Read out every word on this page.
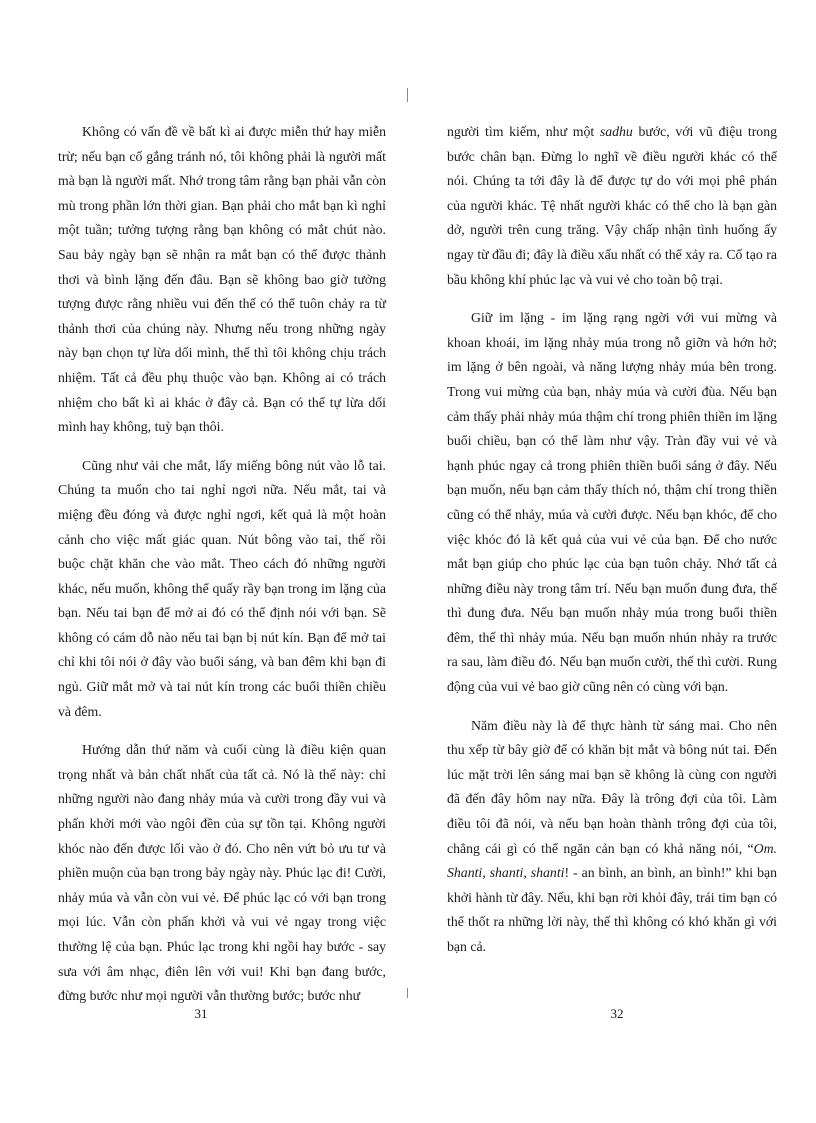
Không có vấn đề về bất kì ai được miễn thứ hay miễn trừ; nếu bạn cố gắng tránh nó, tôi không phải là người mất mà bạn là người mất. Nhớ trong tâm rằng bạn phải vẫn còn mù trong phần lớn thời gian. Bạn phải cho mắt bạn kì nghỉ một tuần; tưởng tượng rằng bạn không có mắt chút nào. Sau bảy ngày bạn sẽ nhận ra mắt bạn có thể được thảnh thơi và bình lặng đến đâu. Bạn sẽ không bao giờ tưởng tượng được rằng nhiều vui đến thế có thể tuôn chảy ra từ thảnh thơi của chúng này. Nhưng nếu trong những ngày này bạn chọn tự lừa dối mình, thế thì tôi không chịu trách nhiệm. Tất cả đều phụ thuộc vào bạn. Không ai có trách nhiệm cho bất kì ai khác ở đây cả. Bạn có thể tự lừa dối mình hay không, tuỳ bạn thôi.

Cũng như vải che mắt, lấy miếng bông nút vào lỗ tai. Chúng ta muốn cho tai nghỉ ngơi nữa. Nếu mắt, tai và miệng đều đóng và được nghỉ ngơi, kết quả là một hoàn cảnh cho việc mất giác quan. Nút bông vào tai, thế rồi buộc chặt khăn che vào mắt. Theo cách đó những người khác, nếu muốn, không thể quấy rầy bạn trong im lặng của bạn. Nếu tai bạn để mở ai đó có thể định nói với bạn. Sẽ không có cám dỗ nào nếu tai bạn bị nút kín. Bạn để mở tai chỉ khi tôi nói ở đây vào buổi sáng, và ban đêm khi bạn đi ngủ. Giữ mắt mở và tai nút kín trong các buổi thiền chiều và đêm.

Hướng dẫn thứ năm và cuối cùng là điều kiện quan trọng nhất và bản chất nhất của tất cả. Nó là thế này: chỉ những người nào đang nhảy múa và cười trong đầy vui và phấn khởi mới vào ngôi đền của sự tồn tại. Không người khóc nào đến được lối vào ở đó. Cho nên vứt bỏ ưu tư và phiền muộn của bạn trong bảy ngày này. Phúc lạc đi! Cười, nhảy múa và vẫn còn vui vẻ. Để phúc lạc có với bạn trong mọi lúc. Vẫn còn phấn khởi và vui vẻ ngay trong việc thường lệ của bạn. Phúc lạc trong khi ngồi hay bước - say sưa với âm nhạc, điên lên với vui! Khi bạn đang bước, đừng bước như mọi người vẫn thường bước; bước như

người tìm kiếm, như một sadhu bước, với vũ điệu trong bước chân bạn. Đừng lo nghĩ về điều người khác có thể nói. Chúng ta tới đây là để được tự do với mọi phê phán của người khác. Tệ nhất người khác có thể cho là bạn gàn dở, người trên cung trăng. Vậy chấp nhận tình huống ấy ngay từ đầu đi; đây là điều xấu nhất có thể xảy ra. Cố tạo ra bầu không khí phúc lạc và vui vẻ cho toàn bộ trại.

Giữ im lặng - im lặng rạng ngời với vui mừng và khoan khoái, im lặng nhảy múa trong nỗ giỡn và hớn hở; im lặng ở bên ngoài, và năng lượng nhảy múa bên trong. Trong vui mừng của bạn, nhảy múa và cười đùa. Nếu bạn cảm thấy phải nhảy múa thậm chí trong phiên thiền im lặng buổi chiều, bạn có thể làm như vậy. Tràn đầy vui vẻ và hạnh phúc ngay cả trong phiên thiền buổi sáng ở đây. Nếu bạn muốn, nếu bạn cảm thấy thích nó, thậm chí trong thiền cũng có thể nhảy, múa và cười được. Nếu bạn khóc, để cho việc khóc đó là kết quả của vui vẻ của bạn. Để cho nước mắt bạn giúp cho phúc lạc của bạn tuôn chảy. Nhớ tất cả những điều này trong tâm trí. Nếu bạn muốn đung đưa, thế thì đung đưa. Nếu bạn muốn nhảy múa trong buổi thiền đêm, thế thì nhảy múa. Nếu bạn muốn nhún nhảy ra trước ra sau, làm điều đó. Nếu bạn muốn cười, thế thì cười. Rung động của vui vẻ bao giờ cũng nên có cùng với bạn.

Năm điều này là để thực hành từ sáng mai. Cho nên thu xếp từ bây giờ để có khăn bịt mắt và bông nút tai. Đến lúc mặt trời lên sáng mai bạn sẽ không là cùng con người đã đến đây hôm nay nữa. Đây là trông đợi của tôi. Làm điều tôi đã nói, và nếu bạn hoàn thành trông đợi của tôi, chẳng cái gì có thể ngăn cản bạn có khả năng nói, “Om. Shanti, shanti, shanti! - an bình, an bình, an bình!” khi bạn khởi hành từ đây. Nếu, khi bạn rời khỏi đây, trái tim bạn có thể thốt ra những lời này, thế thì không có khó khăn gì với bạn cả.

31	32
